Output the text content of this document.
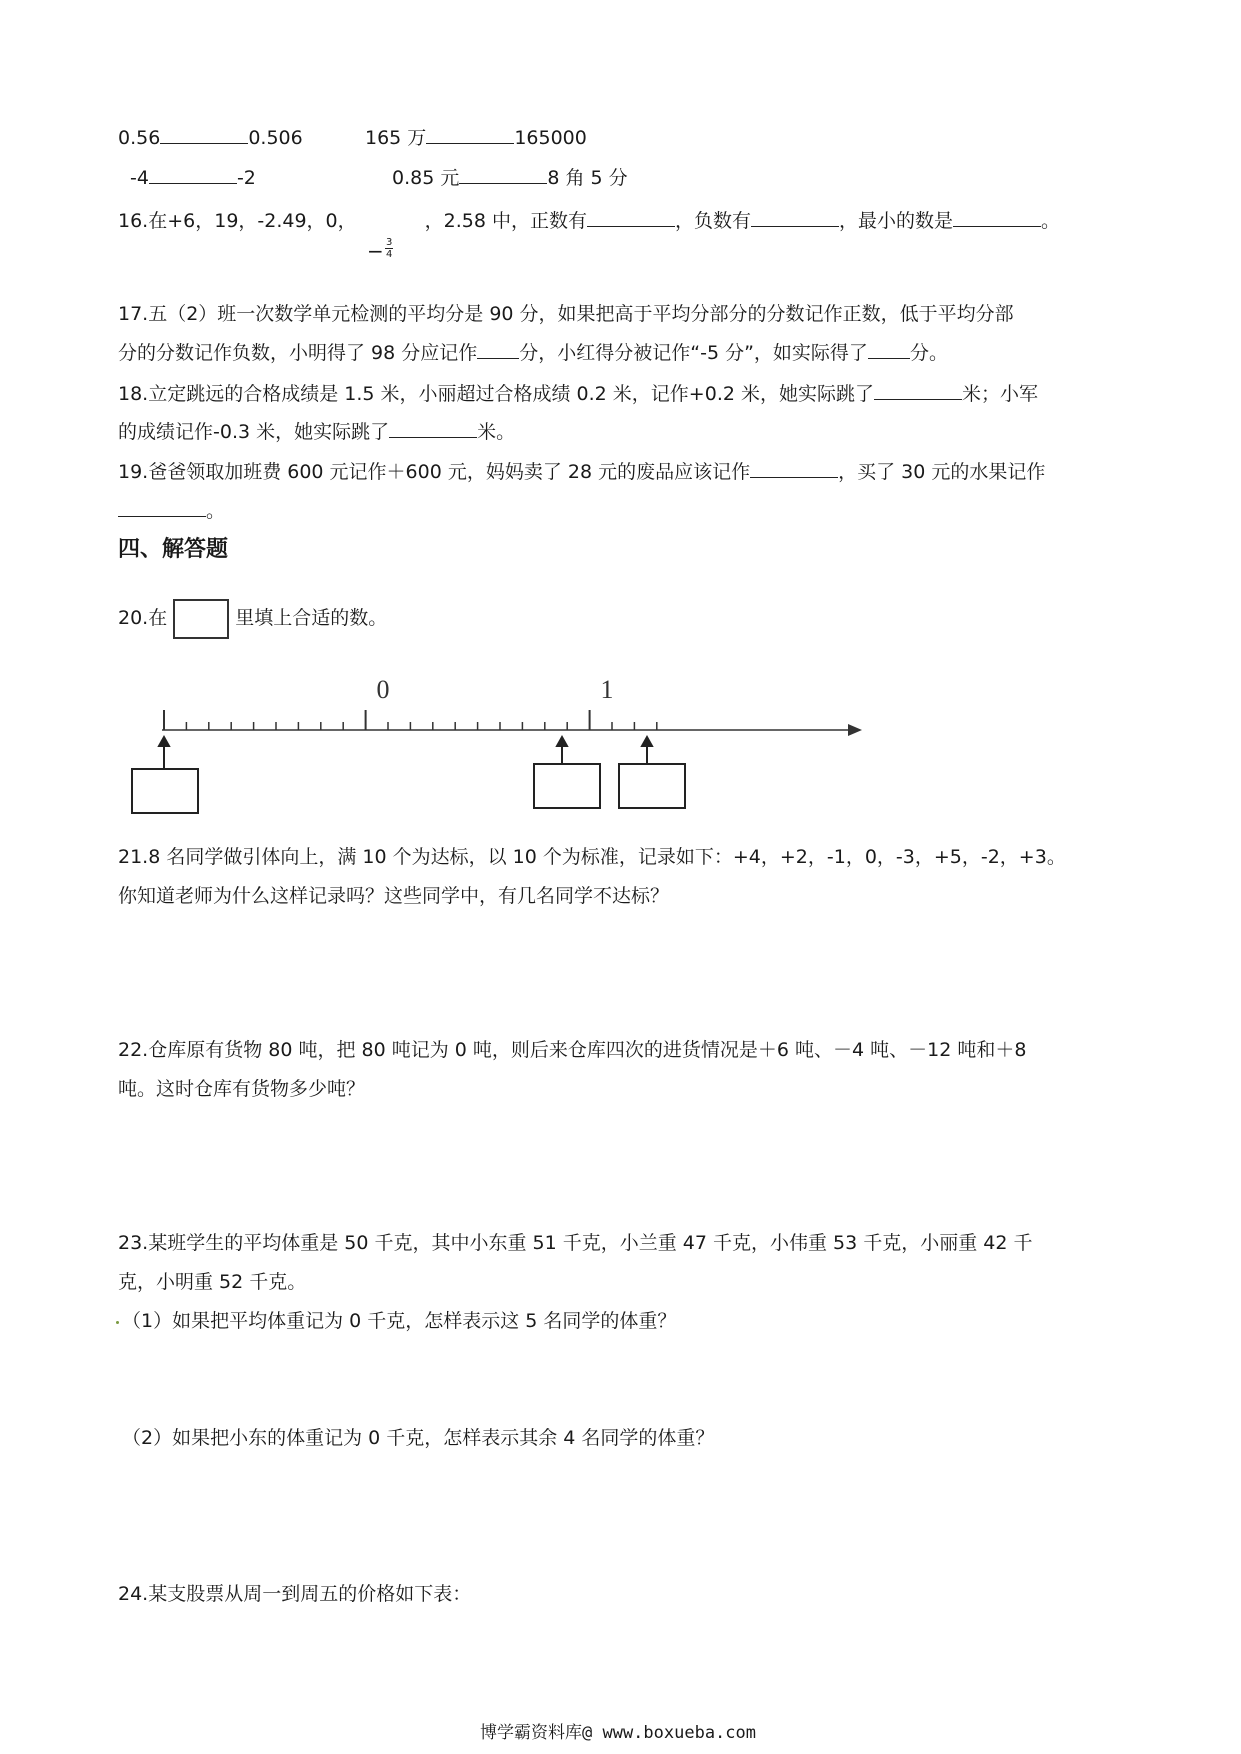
0.56	0.506	165 万	165000
-4	-2	0.85 元	8 角 5 分
16.在+6，19，-2.49，0，	，2.58 中，正数有	，负数有	，最小的数是	。
− $\frac{3}{4}$
17.五（2）班一次数学单元检测的平均分是 90 分，如果把高于平均分部分的分数记作正数，低于平均分部
分的分数记作负数，小明得了 98 分应记作 分，小红得分被记作“-5 分”，如实际得了 分。
18.立定跳远的合格成绩是 1.5 米，小丽超过合格成绩 0.2 米，记作+0.2 米，她实际跳了	米；小军
的成绩记作-0.3 米，她实际跳了	米。
19.爸爸领取加班费 600 元记作＋600 元，妈妈卖了 28 元的废品应该记作	，买了 30 元的水果记作
。
四、解答题
20.在	里填上合适的数。
0	1
21.8 名同学做引体向上，满 10 个为达标，以 10 个为标准，记录如下：+4，+2，-1，0，-3，+5，-2，+3。
你知道老师为什么这样记录吗？这些同学中，有几名同学不达标？
22.仓库原有货物 80 吨，把 80 吨记为 0 吨，则后来仓库四次的进货情况是＋6 吨、－4 吨、－12 吨和＋8
吨。这时仓库有货物多少吨？
23.某班学生的平均体重是 50 千克，其中小东重 51 千克，小兰重 47 千克，小伟重 53 千克，小丽重 42 千
克，小明重 52 千克。
（1）如果把平均体重记为 0 千克，怎样表示这 5 名同学的体重？
（2）如果把小东的体重记为 0 千克，怎样表示其余 4 名同学的体重？
24.某支股票从周一到周五的价格如下表：
博学霸资料库@ www.boxueba.com
